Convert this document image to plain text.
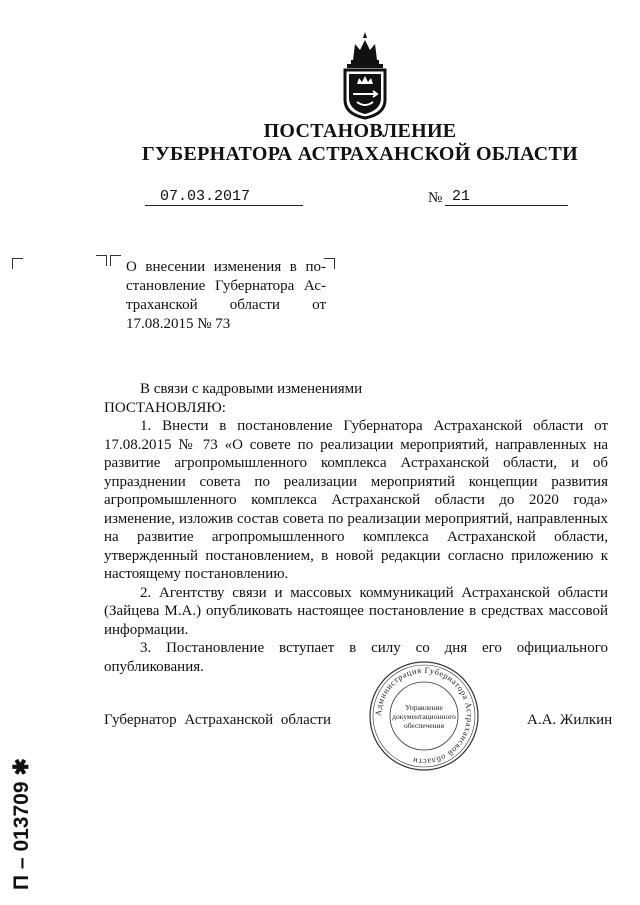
ПОСТАНОВЛЕНИЕ
ГУБЕРНАТОРА АСТРАХАНСКОЙ ОБЛАСТИ
07.03.2017	№ 21
О внесении изменения в по-
становление Губернатора Ас-
траханской области от
17.08.2015 № 73

В связи с кадровыми изменениями

ПОСТАНОВЛЯЮ:

1. Внести в постановление Губернатора Астраханской области от 17.08.2015 № 73 «О совете по реализации мероприятий, направленных на развитие агропромышленного комплекса Астраханской области, и об упразднении совета по реализации мероприятий концепции развития агропромышленного комплекса Астраханской области до 2020 года» изменение, изложив состав совета по реализации мероприятий, направленных на развитие агропромышленного комплекса Астраханской области, утвержденный постановлением, в новой редакции согласно приложению к настоящему постановлению.

2. Агентству связи и массовых коммуникаций Астраханской области (Зайцева М.А.) опубликовать настоящее постановление в средствах массовой информации.

3. Постановление вступает в силу со дня его официального опубликования.

Губернатор Астраханской области	А.А. Жилкин
Администрация Губернатора Астраханской области
Управление
документационного
обеспечения
П – 013709 ✱
